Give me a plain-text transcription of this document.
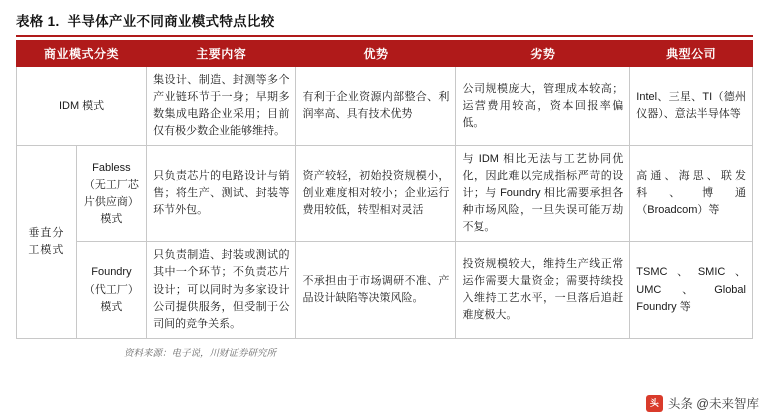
表格 1. 半导体产业不同商业模式特点比较
商业模式分类		主要内容	优势	劣势	典型公司
IDM 模式		集设计、制造、封测等多个产业链环节于一身；早期多数集成电路企业采用；目前仅有极少数企业能够维持。	有利于企业资源内部整合、利润率高、具有技术优势	公司规模庞大，管理成本较高；运营费用较高，资本回报率偏低。	Intel、三星、TI（德州仪器）、意法半导体等
垂直分工模式	Fabless（无工厂芯片供应商）模式	只负责芯片的电路设计与销售；将生产、测试、封装等环节外包。	资产较轻，初始投资规模小，创业难度相对较小；企业运行费用较低，转型相对灵活	与 IDM 相比无法与工艺协同优化，因此难以完成指标严苛的设计；与 Foundry 相比需要承担各种市场风险，一旦失误可能万劫不复。	高通、海思、联发科、博通（Broadcom）等
	Foundry（代工厂）模式	只负责制造、封装或测试的其中一个环节；不负责芯片设计；可以同时为多家设计公司提供服务，但受制于公司间的竞争关系。	不承担由于市场调研不准、产品设计缺陷等决策风险。	投资规模较大，维持生产线正常运作需要大量资金；需要持续投入维持工艺水平，一旦落后追赶难度极大。	TSMC、SMIC、UMC、Global Foundry 等
资料来源：电子说，川财证券研究所
头 头条 @未来智库
